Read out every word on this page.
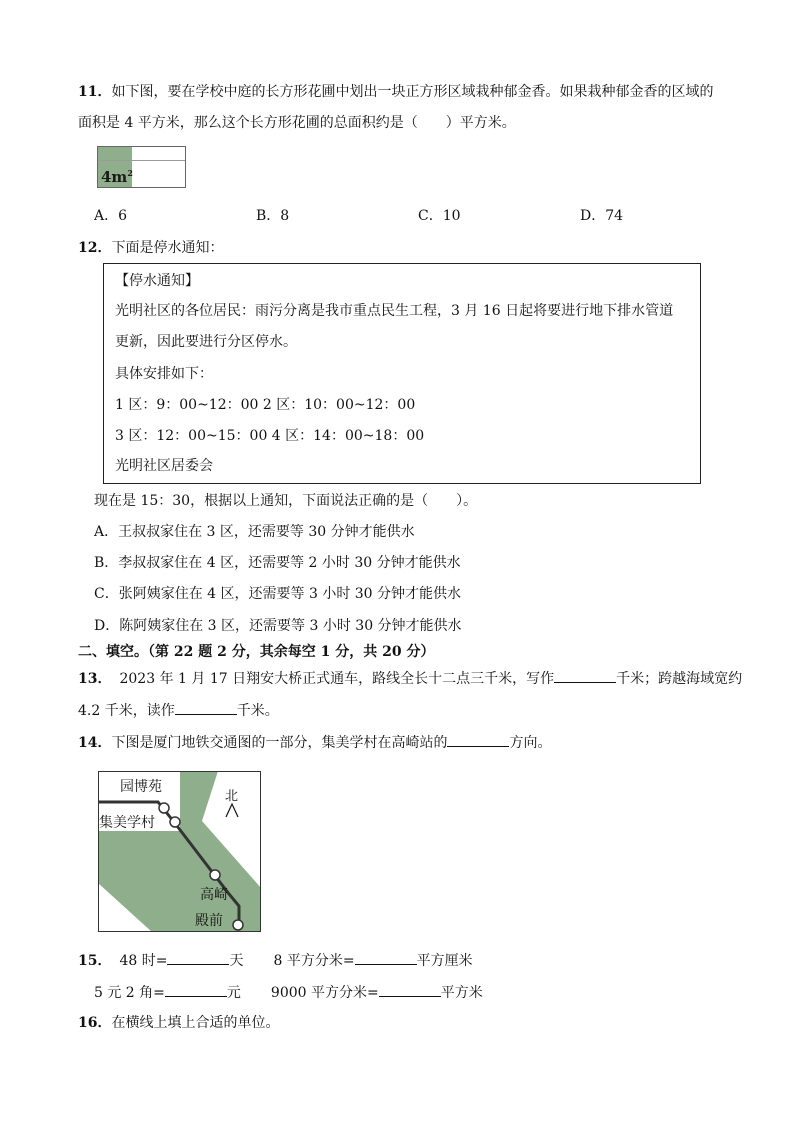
11．如下图，要在学校中庭的长方形花圃中划出一块正方形区域栽种郁金香。如果栽种郁金香的区域的
面积是 4 平方米，那么这个长方形花圃的总面积约是（　　）平方米。
$4m^2$
A．6	B．8	C．10	D．74
12．下面是停水通知：
【停水通知】
光明社区的各位居民：雨污分离是我市重点民生工程，3 月 16 日起将要进行地下排水管道
更新，因此要进行分区停水。
具体安排如下：
1 区：9：00~12：00 2 区：10：00~12：00
3 区：12：00~15：00 4 区：14：00~18：00
光明社区居委会
现在是 15：30，根据以上通知，下面说法正确的是（　　）。
A．王叔叔家住在 3 区，还需要等 30 分钟才能供水
B．李叔叔家住在 4 区，还需要等 2 小时 30 分钟才能供水
C．张阿姨家住在 4 区，还需要等 3 小时 30 分钟才能供水
D．陈阿姨家住在 3 区，还需要等 3 小时 30 分钟才能供水
二、填空。（第 22 题 2 分，其余每空 1 分，共 20 分）
13． 2023 年 1 月 17 日翔安大桥正式通车，路线全长十二点三千米，写作	千米；跨越海域宽约
4.2 千米，读作	千米。
14．下图是厦门地铁交通图的一部分，集美学村在高崎站的	方向。
园博苑
集美学村
高崎
殿前
北
15． 48 时=	天 8 平方分米=	平方厘米
5 元 2 角=	元 9000 平方分米=	平方米
16．在横线上填上合适的单位。
